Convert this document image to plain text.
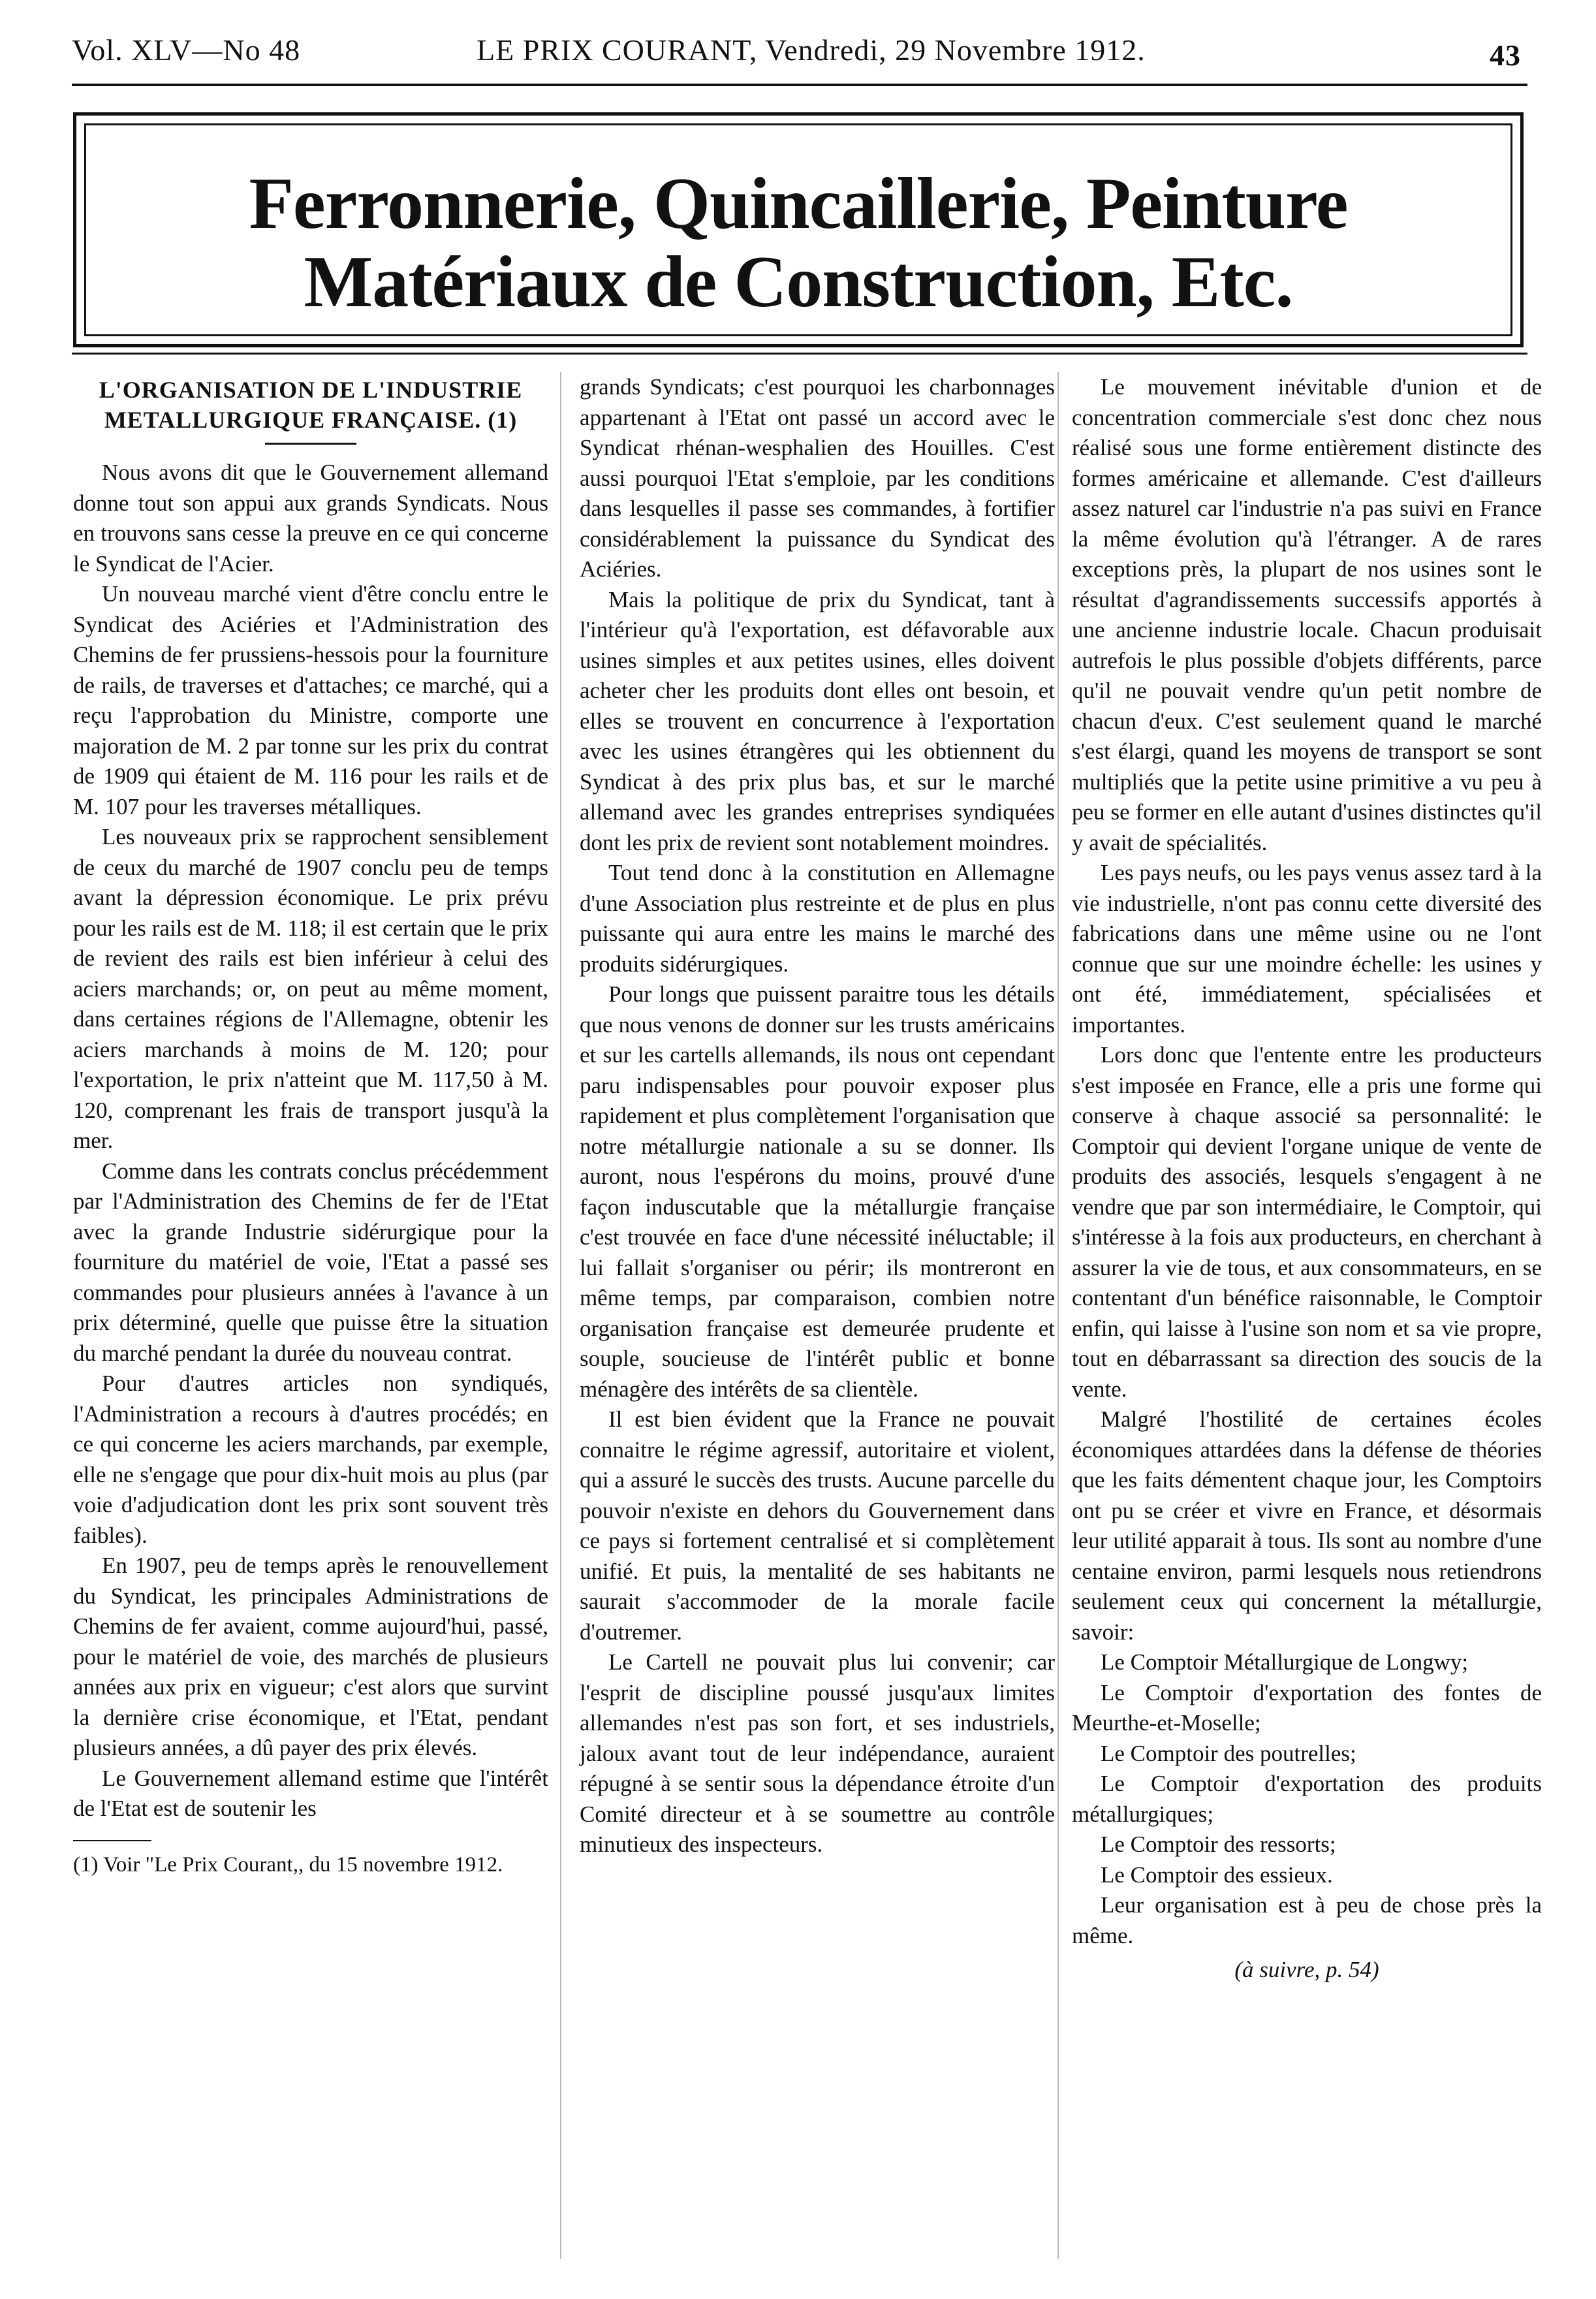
Vol. XLV—No 48	LE PRIX COURANT, Vendredi, 29 Novembre 1912.	43
Ferronnerie, Quincaillerie, Peinture
Matériaux de Construction, Etc.
L'ORGANISATION DE L'INDUSTRIE METALLURGIQUE FRANÇAISE. (1)

Nous avons dit que le Gouvernement allemand donne tout son appui aux grands Syndicats. Nous en trouvons sans cesse la preuve en ce qui concerne le Syndicat de l'Acier.

Un nouveau marché vient d'être conclu entre le Syndicat des Aciéries et l'Administration des Chemins de fer prussiens-hessois pour la fourniture de rails, de traverses et d'attaches; ce marché, qui a reçu l'approbation du Ministre, comporte une majoration de M. 2 par tonne sur les prix du contrat de 1909 qui étaient de M. 116 pour les rails et de M. 107 pour les traverses métalliques.

Les nouveaux prix se rapprochent sensiblement de ceux du marché de 1907 conclu peu de temps avant la dépression économique. Le prix prévu pour les rails est de M. 118; il est certain que le prix de revient des rails est bien inférieur à celui des aciers marchands; or, on peut au même moment, dans certaines régions de l'Allemagne, obtenir les aciers marchands à moins de M. 120; pour l'exportation, le prix n'atteint que M. 117,50 à M. 120, comprenant les frais de transport jusqu'à la mer.

Comme dans les contrats conclus précédemment par l'Administration des Chemins de fer de l'Etat avec la grande Industrie sidérurgique pour la fourniture du matériel de voie, l'Etat a passé ses commandes pour plusieurs années à l'avance à un prix déterminé, quelle que puisse être la situation du marché pendant la durée du nouveau contrat.

Pour d'autres articles non syndiqués, l'Administration a recours à d'autres procédés; en ce qui concerne les aciers marchands, par exemple, elle ne s'engage que pour dix-huit mois au plus (par voie d'adjudication dont les prix sont souvent très faibles).

En 1907, peu de temps après le renouvellement du Syndicat, les principales Administrations de Chemins de fer avaient, comme aujourd'hui, passé, pour le matériel de voie, des marchés de plusieurs années aux prix en vigueur; c'est alors que survint la dernière crise économique, et l'Etat, pendant plusieurs années, a dû payer des prix élevés.

Le Gouvernement allemand estime que l'intérêt de l'Etat est de soutenir les

(1) Voir "Le Prix Courant,, du 15 novembre 1912.

grands Syndicats; c'est pourquoi les charbonnages appartenant à l'Etat ont passé un accord avec le Syndicat rhénan-wesphalien des Houilles. C'est aussi pourquoi l'Etat s'emploie, par les conditions dans lesquelles il passe ses commandes, à fortifier considérablement la puissance du Syndicat des Aciéries.

Mais la politique de prix du Syndicat, tant à l'intérieur qu'à l'exportation, est défavorable aux usines simples et aux petites usines, elles doivent acheter cher les produits dont elles ont besoin, et elles se trouvent en concurrence à l'exportation avec les usines étrangères qui les obtiennent du Syndicat à des prix plus bas, et sur le marché allemand avec les grandes entreprises syndiquées dont les prix de revient sont notablement moindres.

Tout tend donc à la constitution en Allemagne d'une Association plus restreinte et de plus en plus puissante qui aura entre les mains le marché des produits sidérurgiques.

Pour longs que puissent paraitre tous les détails que nous venons de donner sur les trusts américains et sur les cartells allemands, ils nous ont cependant paru indispensables pour pouvoir exposer plus rapidement et plus complètement l'organisation que notre métallurgie nationale a su se donner. Ils auront, nous l'espérons du moins, prouvé d'une façon induscutable que la métallurgie française c'est trouvée en face d'une nécessité inéluctable; il lui fallait s'organiser ou périr; ils montreront en même temps, par comparaison, combien notre organisation française est demeurée prudente et souple, soucieuse de l'intérêt public et bonne ménagère des intérêts de sa clientèle.

Il est bien évident que la France ne pouvait connaitre le régime agressif, autoritaire et violent, qui a assuré le succès des trusts. Aucune parcelle du pouvoir n'existe en dehors du Gouvernement dans ce pays si fortement centralisé et si complètement unifié. Et puis, la mentalité de ses habitants ne saurait s'accommoder de la morale facile d'outremer.

Le Cartell ne pouvait plus lui convenir; car l'esprit de discipline poussé jusqu'aux limites allemandes n'est pas son fort, et ses industriels, jaloux avant tout de leur indépendance, auraient répugné à se sentir sous la dépendance étroite d'un Comité directeur et à se soumettre au contrôle minutieux des inspecteurs.

Le mouvement inévitable d'union et de concentration commerciale s'est donc chez nous réalisé sous une forme entièrement distincte des formes américaine et allemande. C'est d'ailleurs assez naturel car l'industrie n'a pas suivi en France la même évolution qu'à l'étranger. A de rares exceptions près, la plupart de nos usines sont le résultat d'agrandissements successifs apportés à une ancienne industrie locale. Chacun produisait autrefois le plus possible d'objets différents, parce qu'il ne pouvait vendre qu'un petit nombre de chacun d'eux. C'est seulement quand le marché s'est élargi, quand les moyens de transport se sont multipliés que la petite usine primitive a vu peu à peu se former en elle autant d'usines distinctes qu'il y avait de spécialités.

Les pays neufs, ou les pays venus assez tard à la vie industrielle, n'ont pas connu cette diversité des fabrications dans une même usine ou ne l'ont connue que sur une moindre échelle: les usines y ont été, immédiatement, spécialisées et importantes.

Lors donc que l'entente entre les producteurs s'est imposée en France, elle a pris une forme qui conserve à chaque associé sa personnalité: le Comptoir qui devient l'organe unique de vente de produits des associés, lesquels s'engagent à ne vendre que par son intermédiaire, le Comptoir, qui s'intéresse à la fois aux producteurs, en cherchant à assurer la vie de tous, et aux consommateurs, en se contentant d'un bénéfice raisonnable, le Comptoir enfin, qui laisse à l'usine son nom et sa vie propre, tout en débarrassant sa direction des soucis de la vente.

Malgré l'hostilité de certaines écoles économiques attardées dans la défense de théories que les faits démentent chaque jour, les Comptoirs ont pu se créer et vivre en France, et désormais leur utilité apparait à tous. Ils sont au nombre d'une centaine environ, parmi lesquels nous retiendrons seulement ceux qui concernent la métallurgie, savoir:

Le Comptoir Métallurgique de Longwy;

Le Comptoir d'exportation des fontes de Meurthe-et-Moselle;

Le Comptoir des poutrelles;

Le Comptoir d'exportation des produits métallurgiques;

Le Comptoir des ressorts;

Le Comptoir des essieux.

Leur organisation est à peu de chose près la même.

(à suivre, p. 54)
